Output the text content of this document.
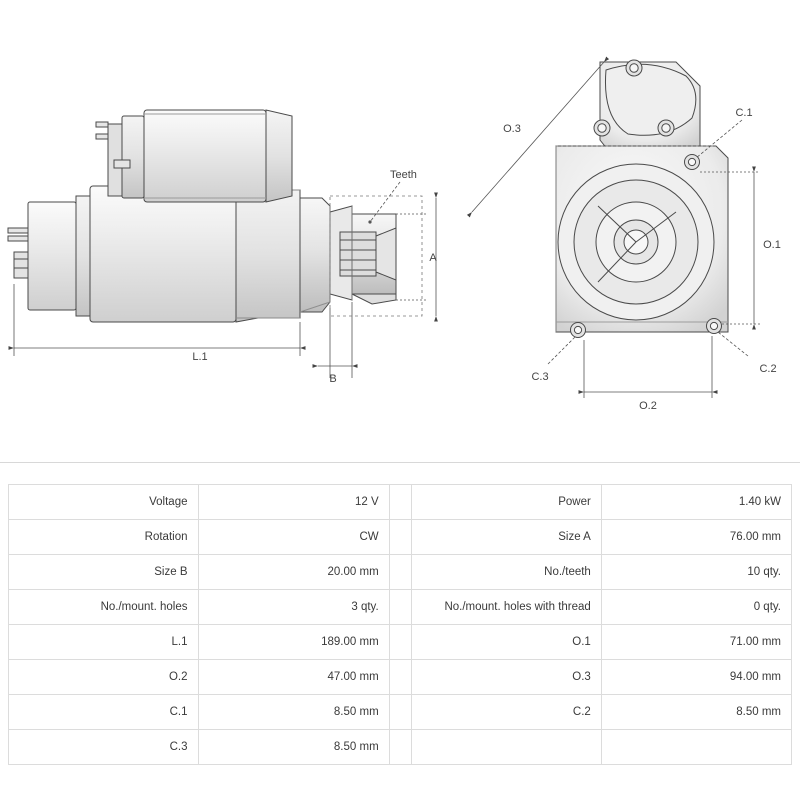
Teeth
A
B
L.1
O.3
O.1
O.2
C.1
C.2
C.3
Voltage	12 V		Power	1.40 kW
Rotation	CW		Size A	76.00 mm
Size B	20.00 mm		No./teeth	10 qty.
No./mount. holes	3 qty.		No./mount. holes with thread	0 qty.
L.1	189.00 mm		O.1	71.00 mm
O.2	47.00 mm		O.3	94.00 mm
C.1	8.50 mm		C.2	8.50 mm
C.3	8.50 mm			
